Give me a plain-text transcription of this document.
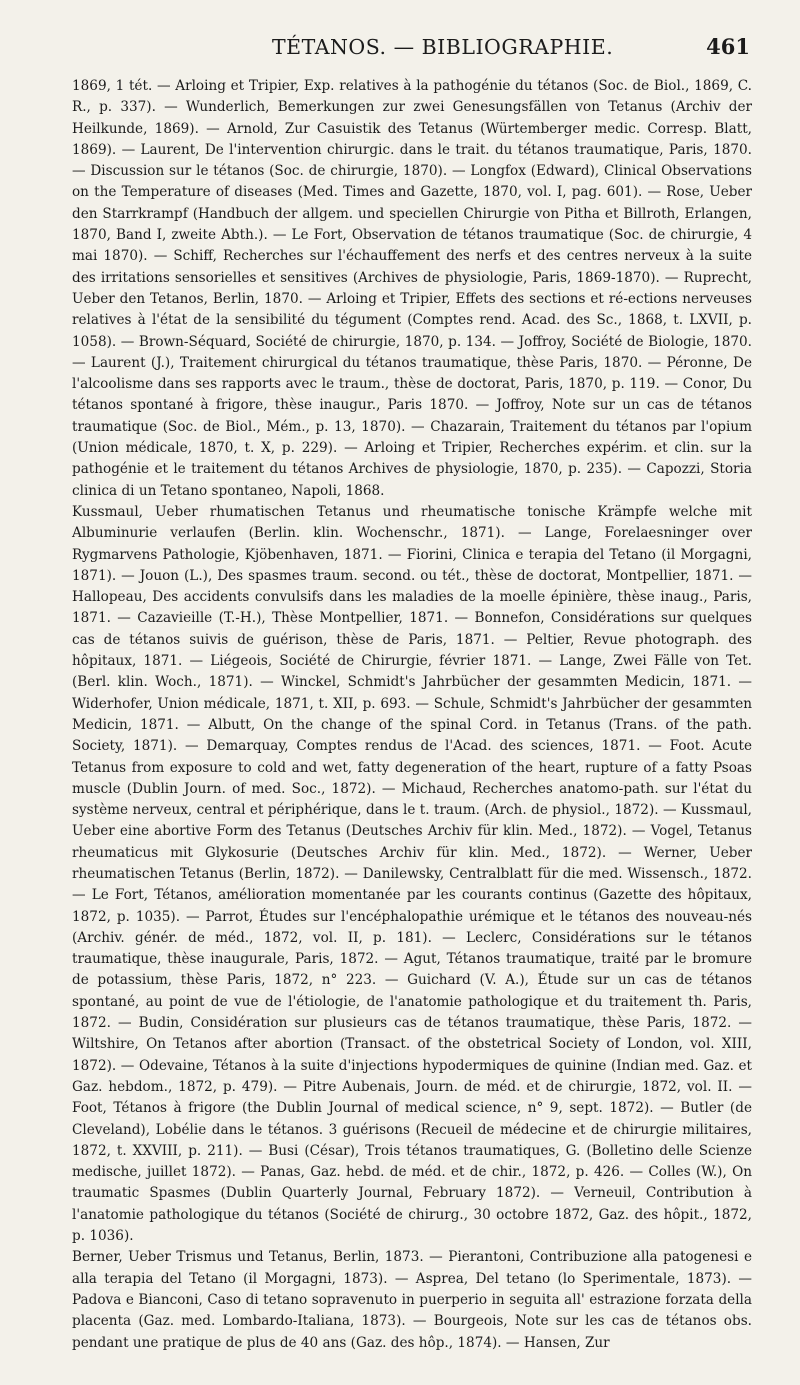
TÉTANOS. — BIBLIOGRAPHIE.	461

1869, 1 tét. — Arloing et Tripier, Exp. relatives à la pathogénie du tétanos (Soc. de Biol., 1869, C. R., p. 337). — Wunderlich, Bemerkungen zur zwei Genesungsfällen von Tetanus (Archiv der Heilkunde, 1869). — Arnold, Zur Casuistik des Tetanus (Würtemberger medic. Corresp. Blatt, 1869). — Laurent, De l'intervention chirurgic. dans le trait. du tétanos traumatique, Paris, 1870. — Discussion sur le tétanos (Soc. de chirurgie, 1870). — Longfox (Edward), Clinical Observations on the Temperature of diseases (Med. Times and Gazette, 1870, vol. I, pag. 601). — Rose, Ueber den Starrkrampf (Handbuch der allgem. und speciellen Chirurgie von Pitha et Billroth, Erlangen, 1870, Band I, zweite Abth.). — Le Fort, Observation de tétanos traumatique (Soc. de chirurgie, 4 mai 1870). — Schiff, Recherches sur l'échauffement des nerfs et des centres nerveux à la suite des irritations sensorielles et sensitives (Archives de physiologie, Paris, 1869-1870). — Ruprecht, Ueber den Tetanos, Berlin, 1870. — Arloing et Tripier, Effets des sections et ré-ections nerveuses relatives à l'état de la sensibilité du tégument (Comptes rend. Acad. des Sc., 1868, t. LXVII, p. 1058). — Brown-Séquard, Société de chirurgie, 1870, p. 134. — Joffroy, Société de Biologie, 1870. — Laurent (J.), Traitement chirurgical du tétanos traumatique, thèse Paris, 1870. — Péronne, De l'alcoolisme dans ses rapports avec le traum., thèse de doctorat, Paris, 1870, p. 119. — Conor, Du tétanos spontané à frigore, thèse inaugur., Paris 1870. — Joffroy, Note sur un cas de tétanos traumatique (Soc. de Biol., Mém., p. 13, 1870). — Chazarain, Traitement du tétanos par l'opium (Union médicale, 1870, t. X, p. 229). — Arloing et Tripier, Recherches expérim. et clin. sur la pathogénie et le traitement du tétanos Archives de physiologie, 1870, p. 235). — Capozzi, Storia clinica di un Tetano spontaneo, Napoli, 1868.

Kussmaul, Ueber rhumatischen Tetanus und rheumatische tonische Krämpfe welche mit Albuminurie verlaufen (Berlin. klin. Wochenschr., 1871). — Lange, Forelaesninger over Rygmarvens Pathologie, Kjöbenhaven, 1871. — Fiorini, Clinica e terapia del Tetano (il Morgagni, 1871). — Jouon (L.), Des spasmes traum. second. ou tét., thèse de doctorat, Montpellier, 1871. — Hallopeau, Des accidents convulsifs dans les maladies de la moelle épinière, thèse inaug., Paris, 1871. — Cazavieille (T.-H.), Thèse Montpellier, 1871. — Bonnefon, Considérations sur quelques cas de tétanos suivis de guérison, thèse de Paris, 1871. — Peltier, Revue photograph. des hôpitaux, 1871. — Liégeois, Société de Chirurgie, février 1871. — Lange, Zwei Fälle von Tet. (Berl. klin. Woch., 1871). — Winckel, Schmidt's Jahrbücher der gesammten Medicin, 1871. — Widerhofer, Union médicale, 1871, t. XII, p. 693. — Schule, Schmidt's Jahrbücher der gesammten Medicin, 1871. — Albutt, On the change of the spinal Cord. in Tetanus (Trans. of the path. Society, 1871). — Demarquay, Comptes rendus de l'Acad. des sciences, 1871. — Foot. Acute Tetanus from exposure to cold and wet, fatty degeneration of the heart, rupture of a fatty Psoas muscle (Dublin Journ. of med. Soc., 1872). — Michaud, Recherches anatomo-path. sur l'état du système nerveux, central et périphérique, dans le t. traum. (Arch. de physiol., 1872). — Kussmaul, Ueber eine abortive Form des Tetanus (Deutsches Archiv für klin. Med., 1872). — Vogel, Tetanus rheumaticus mit Glykosurie (Deutsches Archiv für klin. Med., 1872). — Werner, Ueber rheumatischen Tetanus (Berlin, 1872). — Danilewsky, Centralblatt für die med. Wissensch., 1872. — Le Fort, Tétanos, amélioration momentanée par les courants continus (Gazette des hôpitaux, 1872, p. 1035). — Parrot, Études sur l'encéphalopathie urémique et le tétanos des nouveau-nés (Archiv. génér. de méd., 1872, vol. II, p. 181). — Leclerc, Considérations sur le tétanos traumatique, thèse inaugurale, Paris, 1872. — Agut, Tétanos traumatique, traité par le bromure de potassium, thèse Paris, 1872, n° 223. — Guichard (V. A.), Étude sur un cas de tétanos spontané, au point de vue de l'étiologie, de l'anatomie pathologique et du traitement th. Paris, 1872. — Budin, Considération sur plusieurs cas de tétanos traumatique, thèse Paris, 1872. — Wiltshire, On Tetanos after abortion (Transact. of the obstetrical Society of London, vol. XIII, 1872). — Odevaine, Tétanos à la suite d'injections hypodermiques de quinine (Indian med. Gaz. et Gaz. hebdom., 1872, p. 479). — Pitre Aubenais, Journ. de méd. et de chirurgie, 1872, vol. II. — Foot, Tétanos à frigore (the Dublin Journal of medical science, n° 9, sept. 1872). — Butler (de Cleveland), Lobélie dans le tétanos. 3 guérisons (Recueil de médecine et de chirurgie militaires, 1872, t. XXVIII, p. 211). — Busi (César), Trois tétanos traumatiques, G. (Bolletino delle Scienze medische, juillet 1872). — Panas, Gaz. hebd. de méd. et de chir., 1872, p. 426. — Colles (W.), On traumatic Spasmes (Dublin Quarterly Journal, February 1872). — Verneuil, Contribution à l'anatomie pathologique du tétanos (Société de chirurg., 30 octobre 1872, Gaz. des hôpit., 1872, p. 1036).

Berner, Ueber Trismus und Tetanus, Berlin, 1873. — Pierantoni, Contribuzione alla patogenesi e alla terapia del Tetano (il Morgagni, 1873). — Asprea, Del tetano (lo Sperimentale, 1873). — Padova e Bianconi, Caso di tetano sopravenuto in puerperio in seguita all' estrazione forzata della placenta (Gaz. med. Lombardo-Italiana, 1873). — Bourgeois, Note sur les cas de tétanos obs. pendant une pratique de plus de 40 ans (Gaz. des hôp., 1874). — Hansen, Zur
